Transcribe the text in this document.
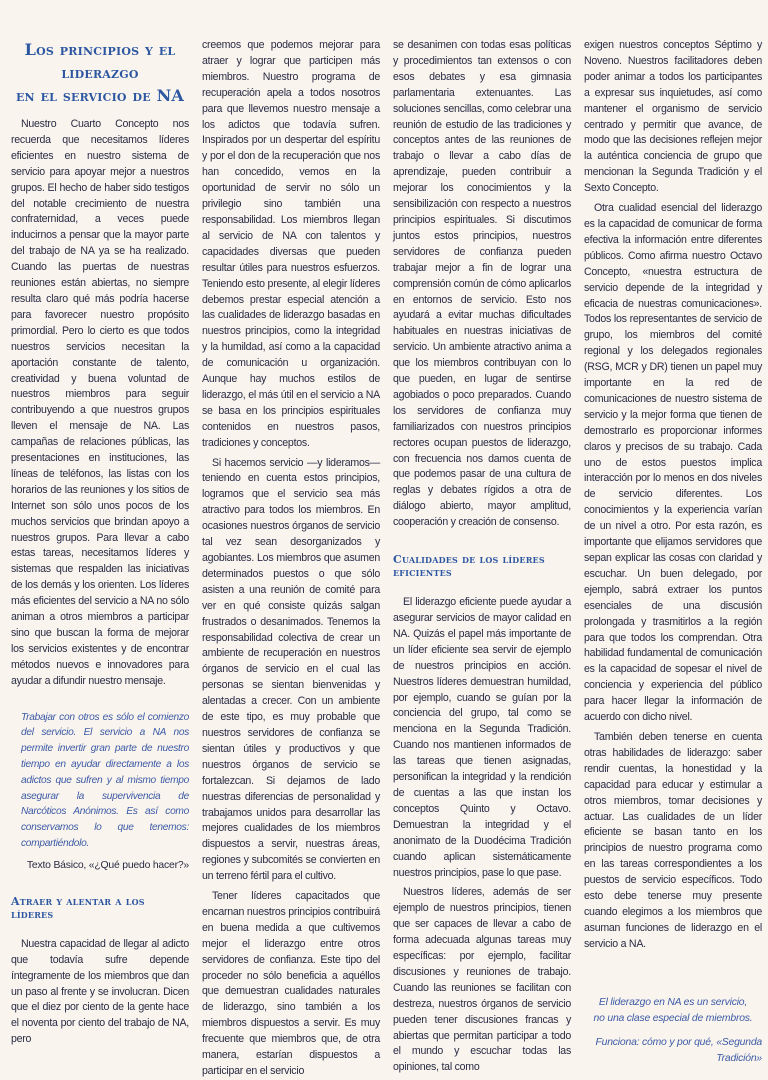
Los principios y el liderazgo
en el servicio de NA

Nuestro Cuarto Concepto nos recuerda que necesitamos líderes eficientes en nuestro sistema de servicio para apoyar mejor a nuestros grupos. El hecho de haber sido testigos del notable crecimiento de nuestra confraternidad, a veces puede inducirnos a pensar que la mayor parte del trabajo de NA ya se ha realizado. Cuando las puertas de nuestras reuniones están abiertas, no siempre resulta claro qué más podría hacerse para favorecer nuestro propósito primordial. Pero lo cierto es que todos nuestros servicios necesitan la aportación constante de talento, creatividad y buena voluntad de nuestros miembros para seguir contribuyendo a que nuestros grupos lleven el mensaje de NA. Las campañas de relaciones públicas, las presentaciones en instituciones, las líneas de teléfonos, las listas con los horarios de las reuniones y los sitios de Internet son sólo unos pocos de los muchos servicios que brindan apoyo a nuestros grupos. Para llevar a cabo estas tareas, necesitamos líderes y sistemas que respalden las iniciativas de los demás y los orienten. Los líderes más eficientes del servicio a NA no sólo animan a otros miembros a participar sino que buscan la forma de mejorar los servicios existentes y de encontrar métodos nuevos e innovadores para ayudar a difundir nuestro mensaje.

Trabajar con otros es sólo el comienzo del servicio. El servicio a NA nos permite invertir gran parte de nuestro tiempo en ayudar directamente a los adictos que sufren y al mismo tiempo asegurar la supervivencia de Narcóticos Anónimos. Es así como conservamos lo que tenemos: compartiéndolo.
Texto Básico, «¿Qué puedo hacer?»
Atraer y alentar a los líderes

Nuestra capacidad de llegar al adicto que todavía sufre depende íntegramente de los miembros que dan un paso al frente y se involucran. Dicen que el diez por ciento de la gente hace el noventa por ciento del trabajo de NA, pero

creemos que podemos mejorar para atraer y lograr que participen más miembros. Nuestro programa de recuperación apela a todos nosotros para que llevemos nuestro mensaje a los adictos que todavía sufren. Inspirados por un despertar del espíritu y por el don de la recuperación que nos han concedido, vemos en la oportunidad de servir no sólo un privilegio sino también una responsabilidad. Los miembros llegan al servicio de NA con talentos y capacidades diversas que pueden resultar útiles para nuestros esfuerzos. Teniendo esto presente, al elegir líderes debemos prestar especial atención a las cualidades de liderazgo basadas en nuestros principios, como la integridad y la humildad, así como a la capacidad de comunicación u organización. Aunque hay muchos estilos de liderazgo, el más útil en el servicio a NA se basa en los principios espirituales contenidos en nuestros pasos, tradiciones y conceptos.

Si hacemos servicio —y lideramos— teniendo en cuenta estos principios, logramos que el servicio sea más atractivo para todos los miembros. En ocasiones nuestros órganos de servicio tal vez sean desorganizados y agobiantes. Los miembros que asumen determinados puestos o que sólo asisten a una reunión de comité para ver en qué consiste quizás salgan frustrados o desanimados. Tenemos la responsabilidad colectiva de crear un ambiente de recuperación en nuestros órganos de servicio en el cual las personas se sientan bienvenidas y alentadas a crecer. Con un ambiente de este tipo, es muy probable que nuestros servidores de confianza se sientan útiles y productivos y que nuestros órganos de servicio se fortalezcan. Si dejamos de lado nuestras diferencias de personalidad y trabajamos unidos para desarrollar las mejores cualidades de los miembros dispuestos a servir, nuestras áreas, regiones y subcomités se convierten en un terreno fértil para el cultivo.

Tener líderes capacitados que encarnan nuestros principios contribuirá en buena medida a que cultivemos mejor el liderazgo entre otros servidores de confianza. Este tipo del proceder no sólo beneficia a aquéllos que demuestran cualidades naturales de liderazgo, sino también a los miembros dispuestos a servir. Es muy frecuente que miembros que, de otra manera, estarían dispuestos a participar en el servicio

se desanimen con todas esas políticas y procedimientos tan extensos o con esos debates y esa gimnasia parlamentaria extenuantes. Las soluciones sencillas, como celebrar una reunión de estudio de las tradiciones y conceptos antes de las reuniones de trabajo o llevar a cabo días de aprendizaje, pueden contribuir a mejorar los conocimientos y la sensibilización con respecto a nuestros principios espirituales. Si discutimos juntos estos principios, nuestros servidores de confianza pueden trabajar mejor a fin de lograr una comprensión común de cómo aplicarlos en entornos de servicio. Esto nos ayudará a evitar muchas dificultades habituales en nuestras iniciativas de servicio. Un ambiente atractivo anima a que los miembros contribuyan con lo que pueden, en lugar de sentirse agobiados o poco preparados. Cuando los servidores de confianza muy familiarizados con nuestros principios rectores ocupan puestos de liderazgo, con frecuencia nos damos cuenta de que podemos pasar de una cultura de reglas y debates rígidos a otra de diálogo abierto, mayor amplitud, cooperación y creación de consenso.

Cualidades de los líderes eficientes

El liderazgo eficiente puede ayudar a asegurar servicios de mayor calidad en NA. Quizás el papel más importante de un líder eficiente sea servir de ejemplo de nuestros principios en acción. Nuestros líderes demuestran humildad, por ejemplo, cuando se guían por la conciencia del grupo, tal como se menciona en la Segunda Tradición. Cuando nos mantienen informados de las tareas que tienen asignadas, personifican la integridad y la rendición de cuentas a las que instan los conceptos Quinto y Octavo. Demuestran la integridad y el anonimato de la Duodécima Tradición cuando aplican sistemáticamente nuestros principios, pase lo que pase.

Nuestros líderes, además de ser ejemplo de nuestros principios, tienen que ser capaces de llevar a cabo de forma adecuada algunas tareas muy específicas: por ejemplo, facilitar discusiones y reuniones de trabajo. Cuando las reuniones se facilitan con destreza, nuestros órganos de servicio pueden tener discusiones francas y abiertas que permitan participar a todo el mundo y escuchar todas las opiniones, tal como

exigen nuestros conceptos Séptimo y Noveno. Nuestros facilitadores deben poder animar a todos los participantes a expresar sus inquietudes, así como mantener el organismo de servicio centrado y permitir que avance, de modo que las decisiones reflejen mejor la auténtica conciencia de grupo que mencionan la Segunda Tradición y el Sexto Concepto.

Otra cualidad esencial del liderazgo es la capacidad de comunicar de forma efectiva la información entre diferentes públicos. Como afirma nuestro Octavo Concepto, «nuestra estructura de servicio depende de la integridad y eficacia de nuestras comunicaciones». Todos los representantes de servicio de grupo, los miembros del comité regional y los delegados regionales (RSG, MCR y DR) tienen un papel muy importante en la red de comunicaciones de nuestro sistema de servicio y la mejor forma que tienen de demostrarlo es proporcionar informes claros y precisos de su trabajo. Cada uno de estos puestos implica interacción por lo menos en dos niveles de servicio diferentes. Los conocimientos y la experiencia varían de un nivel a otro. Por esta razón, es importante que elijamos servidores que sepan explicar las cosas con claridad y escuchar. Un buen delegado, por ejemplo, sabrá extraer los puntos esenciales de una discusión prolongada y trasmitirlos a la región para que todos los comprendan. Otra habilidad fundamental de comunicación es la capacidad de sopesar el nivel de conciencia y experiencia del público para hacer llegar la información de acuerdo con dicho nivel.

También deben tenerse en cuenta otras habilidades de liderazgo: saber rendir cuentas, la honestidad y la capacidad para educar y estimular a otros miembros, tomar decisiones y actuar. Las cualidades de un líder eficiente se basan tanto en los principios de nuestro programa como en las tareas correspondientes a los puestos de servicio específicos. Todo esto debe tenerse muy presente cuando elegimos a los miembros que asuman funciones de liderazgo en el servicio a NA.

El liderazgo en NA es un servicio,
no una clase especial de miembros.
Funciona: cómo y por qué, «Segunda Tradición»
